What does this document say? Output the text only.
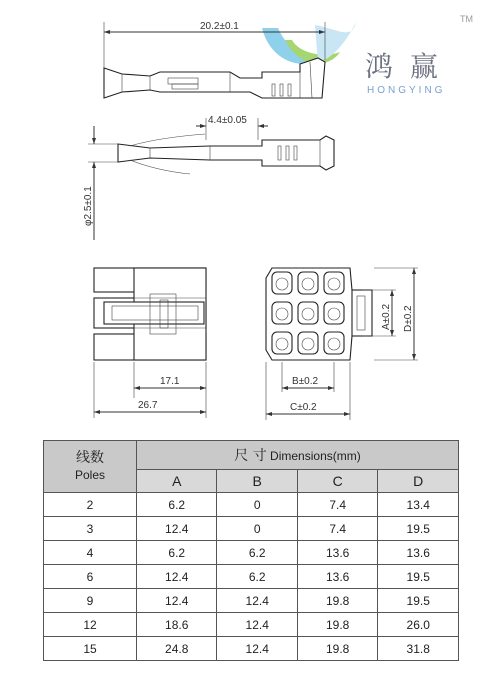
鸿 赢
HONGYING
TM
20.2±0.1
4.4±0.05
φ2.5±0.1
17.1
26.7
A±0.2 D±0.2
B±0.2
C±0.2
线数
Poles	尺 寸 Dimensions(mm)			
	A	B	C	D
2	6.2	0	7.4	13.4
3	12.4	0	7.4	19.5
4	6.2	6.2	13.6	13.6
6	12.4	6.2	13.6	19.5
9	12.4	12.4	19.8	19.5
12	18.6	12.4	19.8	26.0
15	24.8	12.4	19.8	31.8
